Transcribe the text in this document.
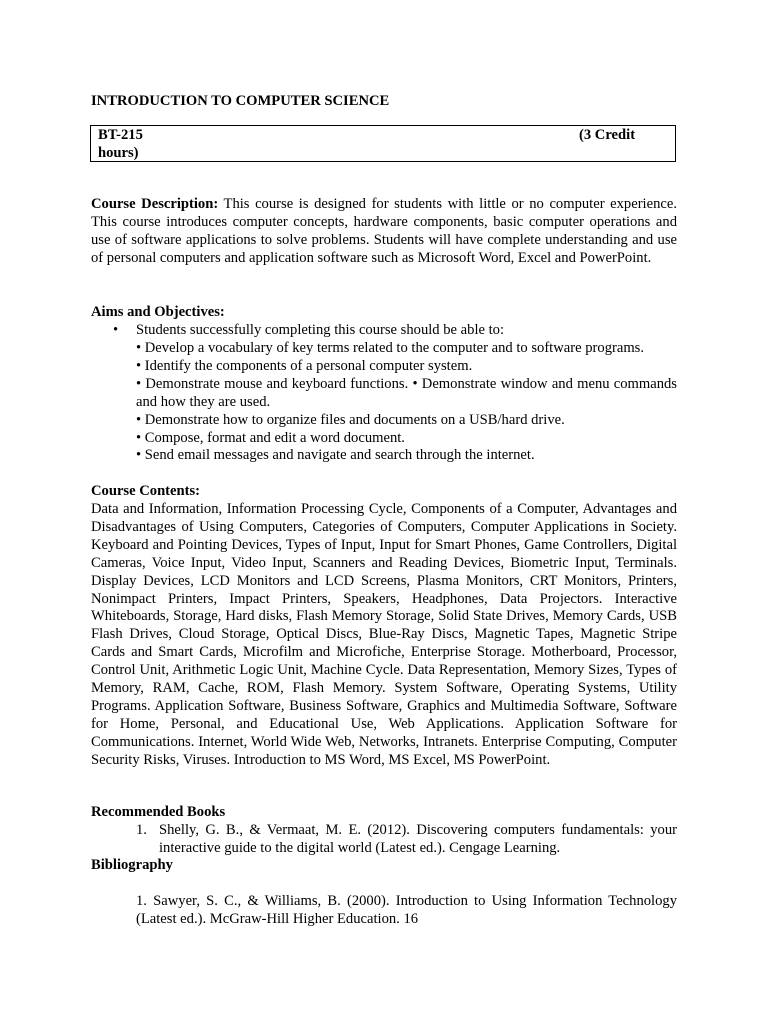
INTRODUCTION TO COMPUTER SCIENCE
BT-215	(3 Credit
hours)
Course Description: This course is designed for students with little or no computer experience. This course introduces computer concepts, hardware components, basic computer operations and use of software applications to solve problems. Students will have complete understanding and use of personal computers and application software such as Microsoft Word, Excel and PowerPoint.
Aims and Objectives:
• Students successfully completing this course should be able to:
• Develop a vocabulary of key terms related to the computer and to software programs.
• Identify the components of a personal computer system.
• Demonstrate mouse and keyboard functions. • Demonstrate window and menu commands and how they are used.
• Demonstrate how to organize files and documents on a USB/hard drive.
• Compose, format and edit a word document.
• Send email messages and navigate and search through the internet.
Course Contents:
Data and Information, Information Processing Cycle, Components of a Computer, Advantages and Disadvantages of Using Computers, Categories of Computers, Computer Applications in Society. Keyboard and Pointing Devices, Types of Input, Input for Smart Phones, Game Controllers, Digital Cameras, Voice Input, Video Input, Scanners and Reading Devices, Biometric Input, Terminals. Display Devices, LCD Monitors and LCD Screens, Plasma Monitors, CRT Monitors, Printers, Nonimpact Printers, Impact Printers, Speakers, Headphones, Data Projectors. Interactive Whiteboards, Storage, Hard disks, Flash Memory Storage, Solid State Drives, Memory Cards, USB Flash Drives, Cloud Storage, Optical Discs, Blue-Ray Discs, Magnetic Tapes, Magnetic Stripe Cards and Smart Cards, Microfilm and Microfiche, Enterprise Storage. Motherboard, Processor, Control Unit, Arithmetic Logic Unit, Machine Cycle. Data Representation, Memory Sizes, Types of Memory, RAM, Cache, ROM, Flash Memory. System Software, Operating Systems, Utility Programs. Application Software, Business Software, Graphics and Multimedia Software, Software for Home, Personal, and Educational Use, Web Applications. Application Software for Communications. Internet, World Wide Web, Networks, Intranets. Enterprise Computing, Computer Security Risks, Viruses. Introduction to MS Word, MS Excel, MS PowerPoint.
Recommended Books
1. Shelly, G. B., & Vermaat, M. E. (2012). Discovering computers fundamentals: your interactive guide to the digital world (Latest ed.). Cengage Learning.
Bibliography
1. Sawyer, S. C., & Williams, B. (2000). Introduction to Using Information Technology (Latest ed.). McGraw-Hill Higher Education. 16
